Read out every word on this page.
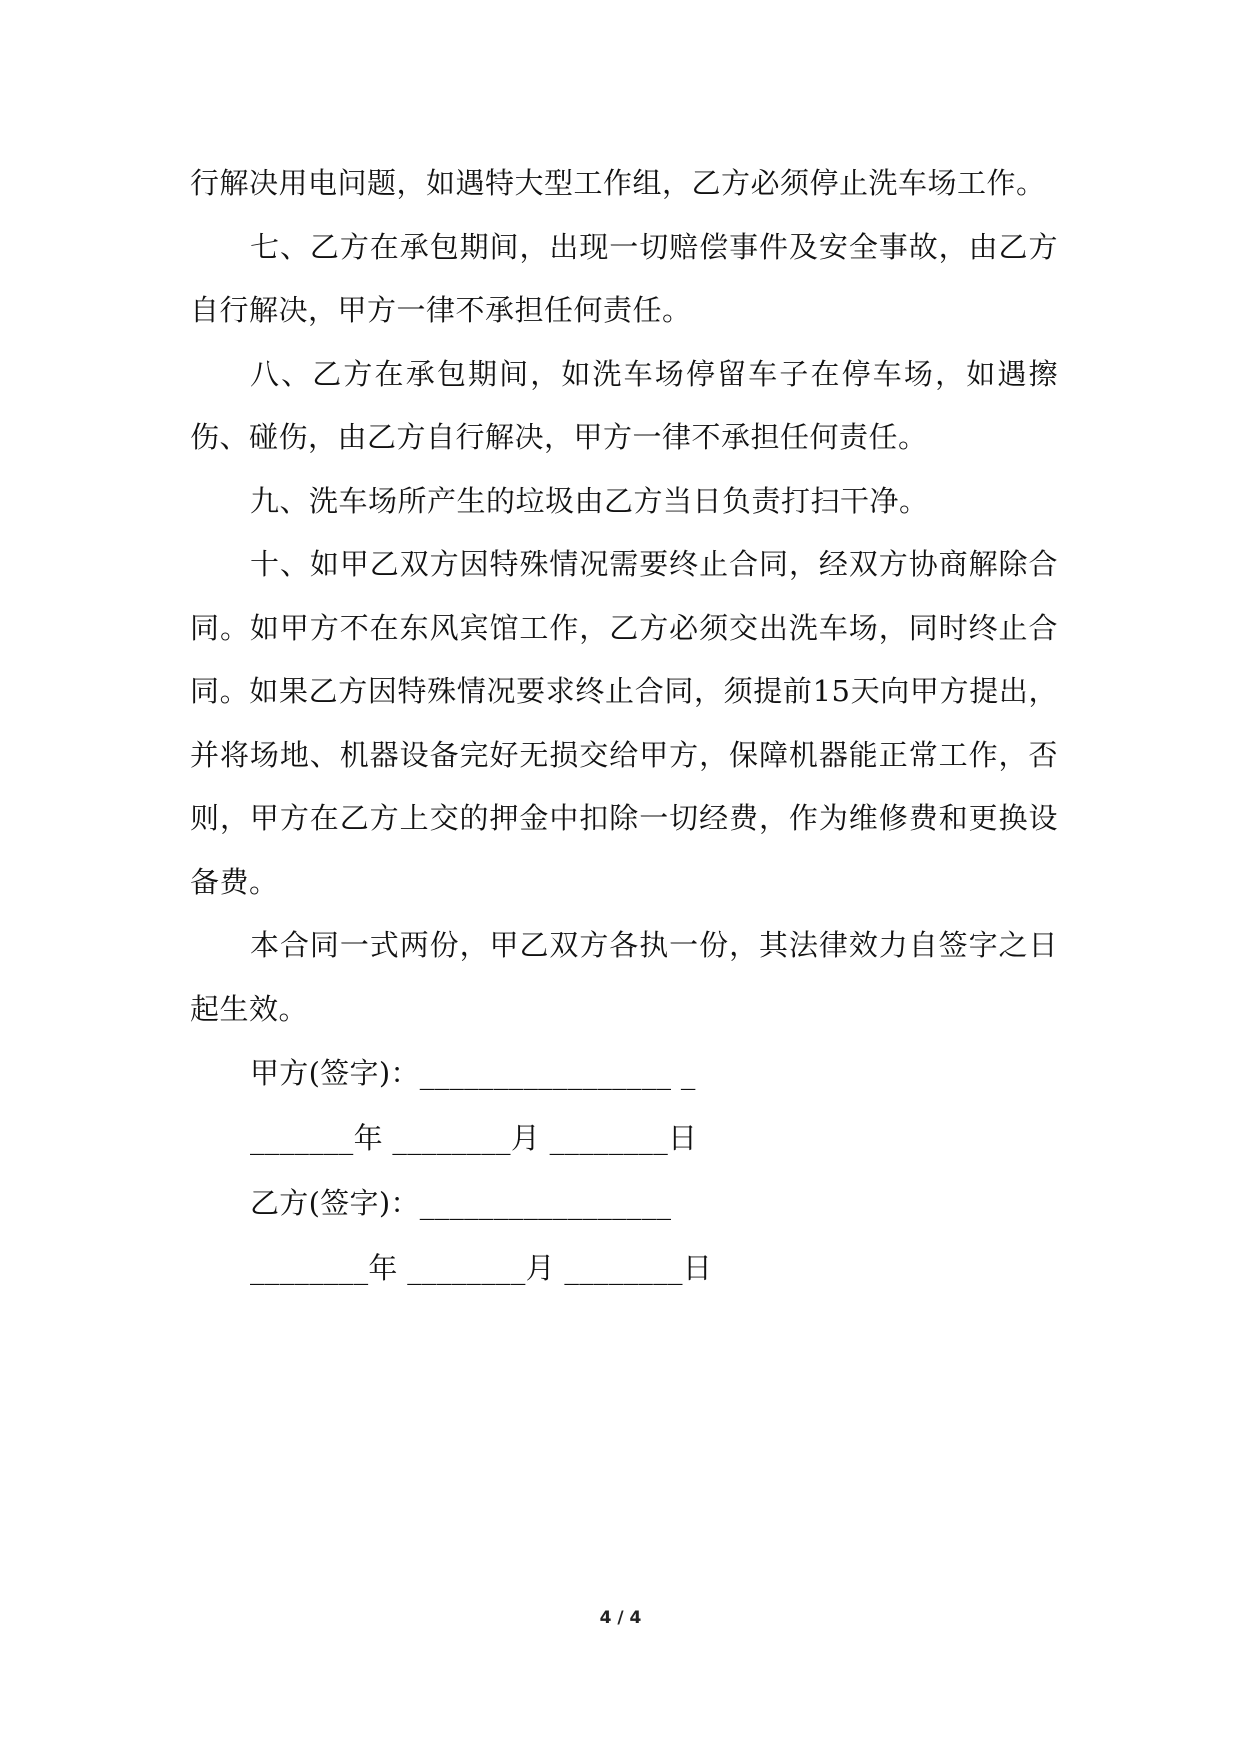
行解决用电问题，如遇特大型工作组，乙方必须停止洗车场工作。

七、乙方在承包期间，出现一切赔偿事件及安全事故，由乙方自行解决，甲方一律不承担任何责任。

八、乙方在承包期间，如洗车场停留车子在停车场，如遇擦伤、碰伤，由乙方自行解决，甲方一律不承担任何责任。

九、洗车场所产生的垃圾由乙方当日负责打扫干净。

十、如甲乙双方因特殊情况需要终止合同，经双方协商解除合同。如甲方不在东风宾馆工作，乙方必须交出洗车场，同时终止合同。如果乙方因特殊情况要求终止合同，须提前15天向甲方提出，并将场地、机器设备完好无损交给甲方，保障机器能正常工作，否则，甲方在乙方上交的押金中扣除一切经费，作为维修费和更换设备费。

本合同一式两份，甲乙双方各执一份，其法律效力自签字之日起生效。

甲方(签字)：_________________ _

_______年 ________月 ________日

乙方(签字)：_________________

________年 ________月 ________日

4 / 4
